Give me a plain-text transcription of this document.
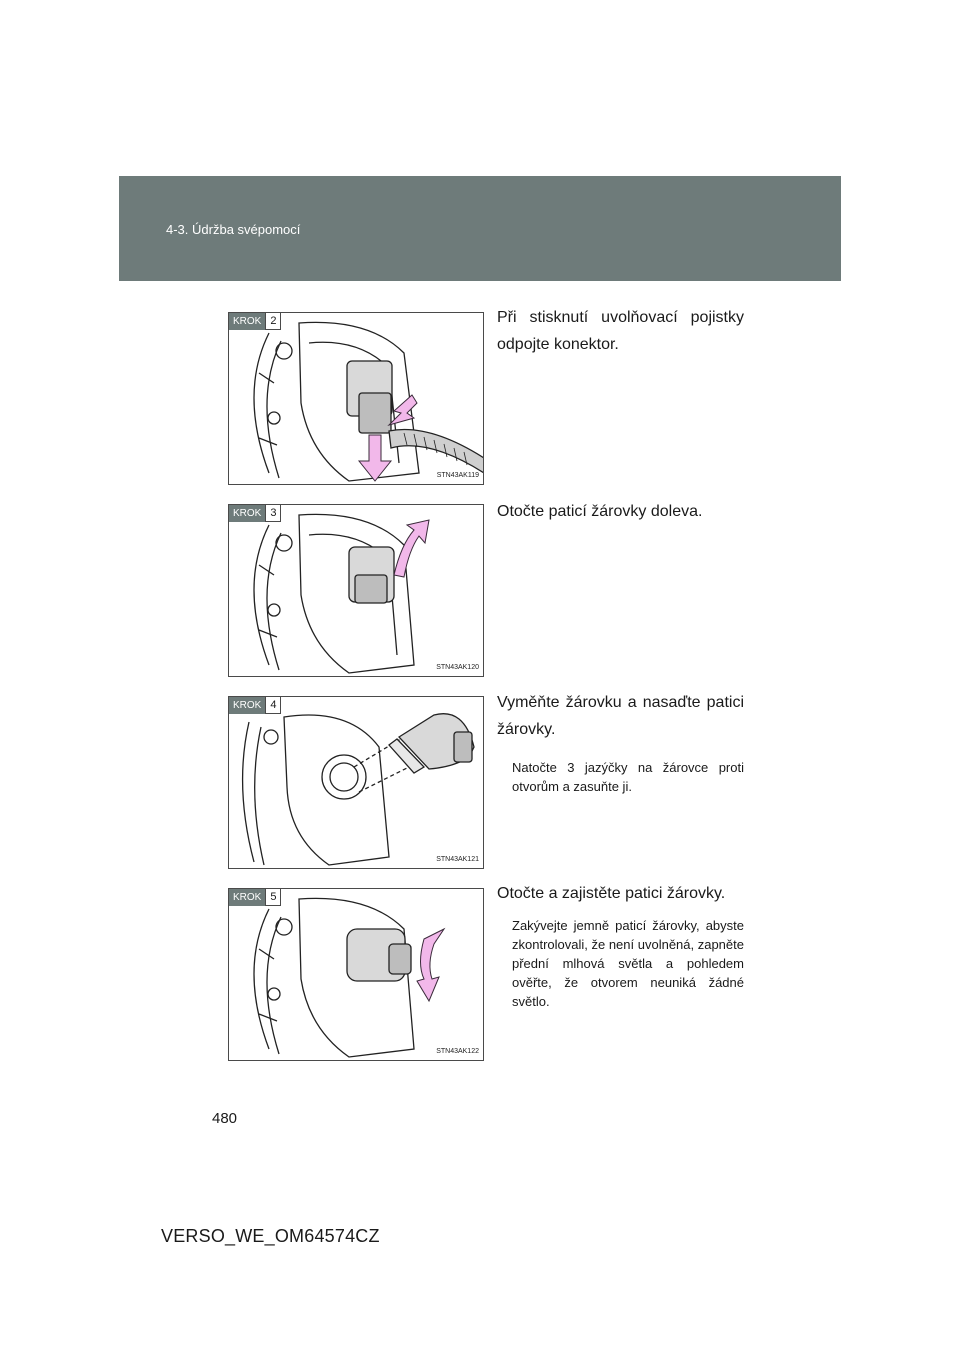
4-3. Údržba svépomocí
KROK 2
STN43AK119

Při stisknutí uvolňovací pojistky odpojte konektor.

KROK 3
STN43AK120

Otočte paticí žárovky doleva.

KROK 4
STN43AK121

Vyměňte žárovku a nasaďte patici žárovky.

Natočte 3 jazýčky na žárovce proti otvorům a zasuňte ji.

KROK 5
STN43AK122

Otočte a zajistěte patici žárovky.

Zakývejte jemně paticí žárovky, abyste zkontrolovali, že není uvolněná, zapněte přední mlhová světla a pohledem ověřte, že otvorem neuniká žádné světlo.

480
VERSO_WE_OM64574CZ
